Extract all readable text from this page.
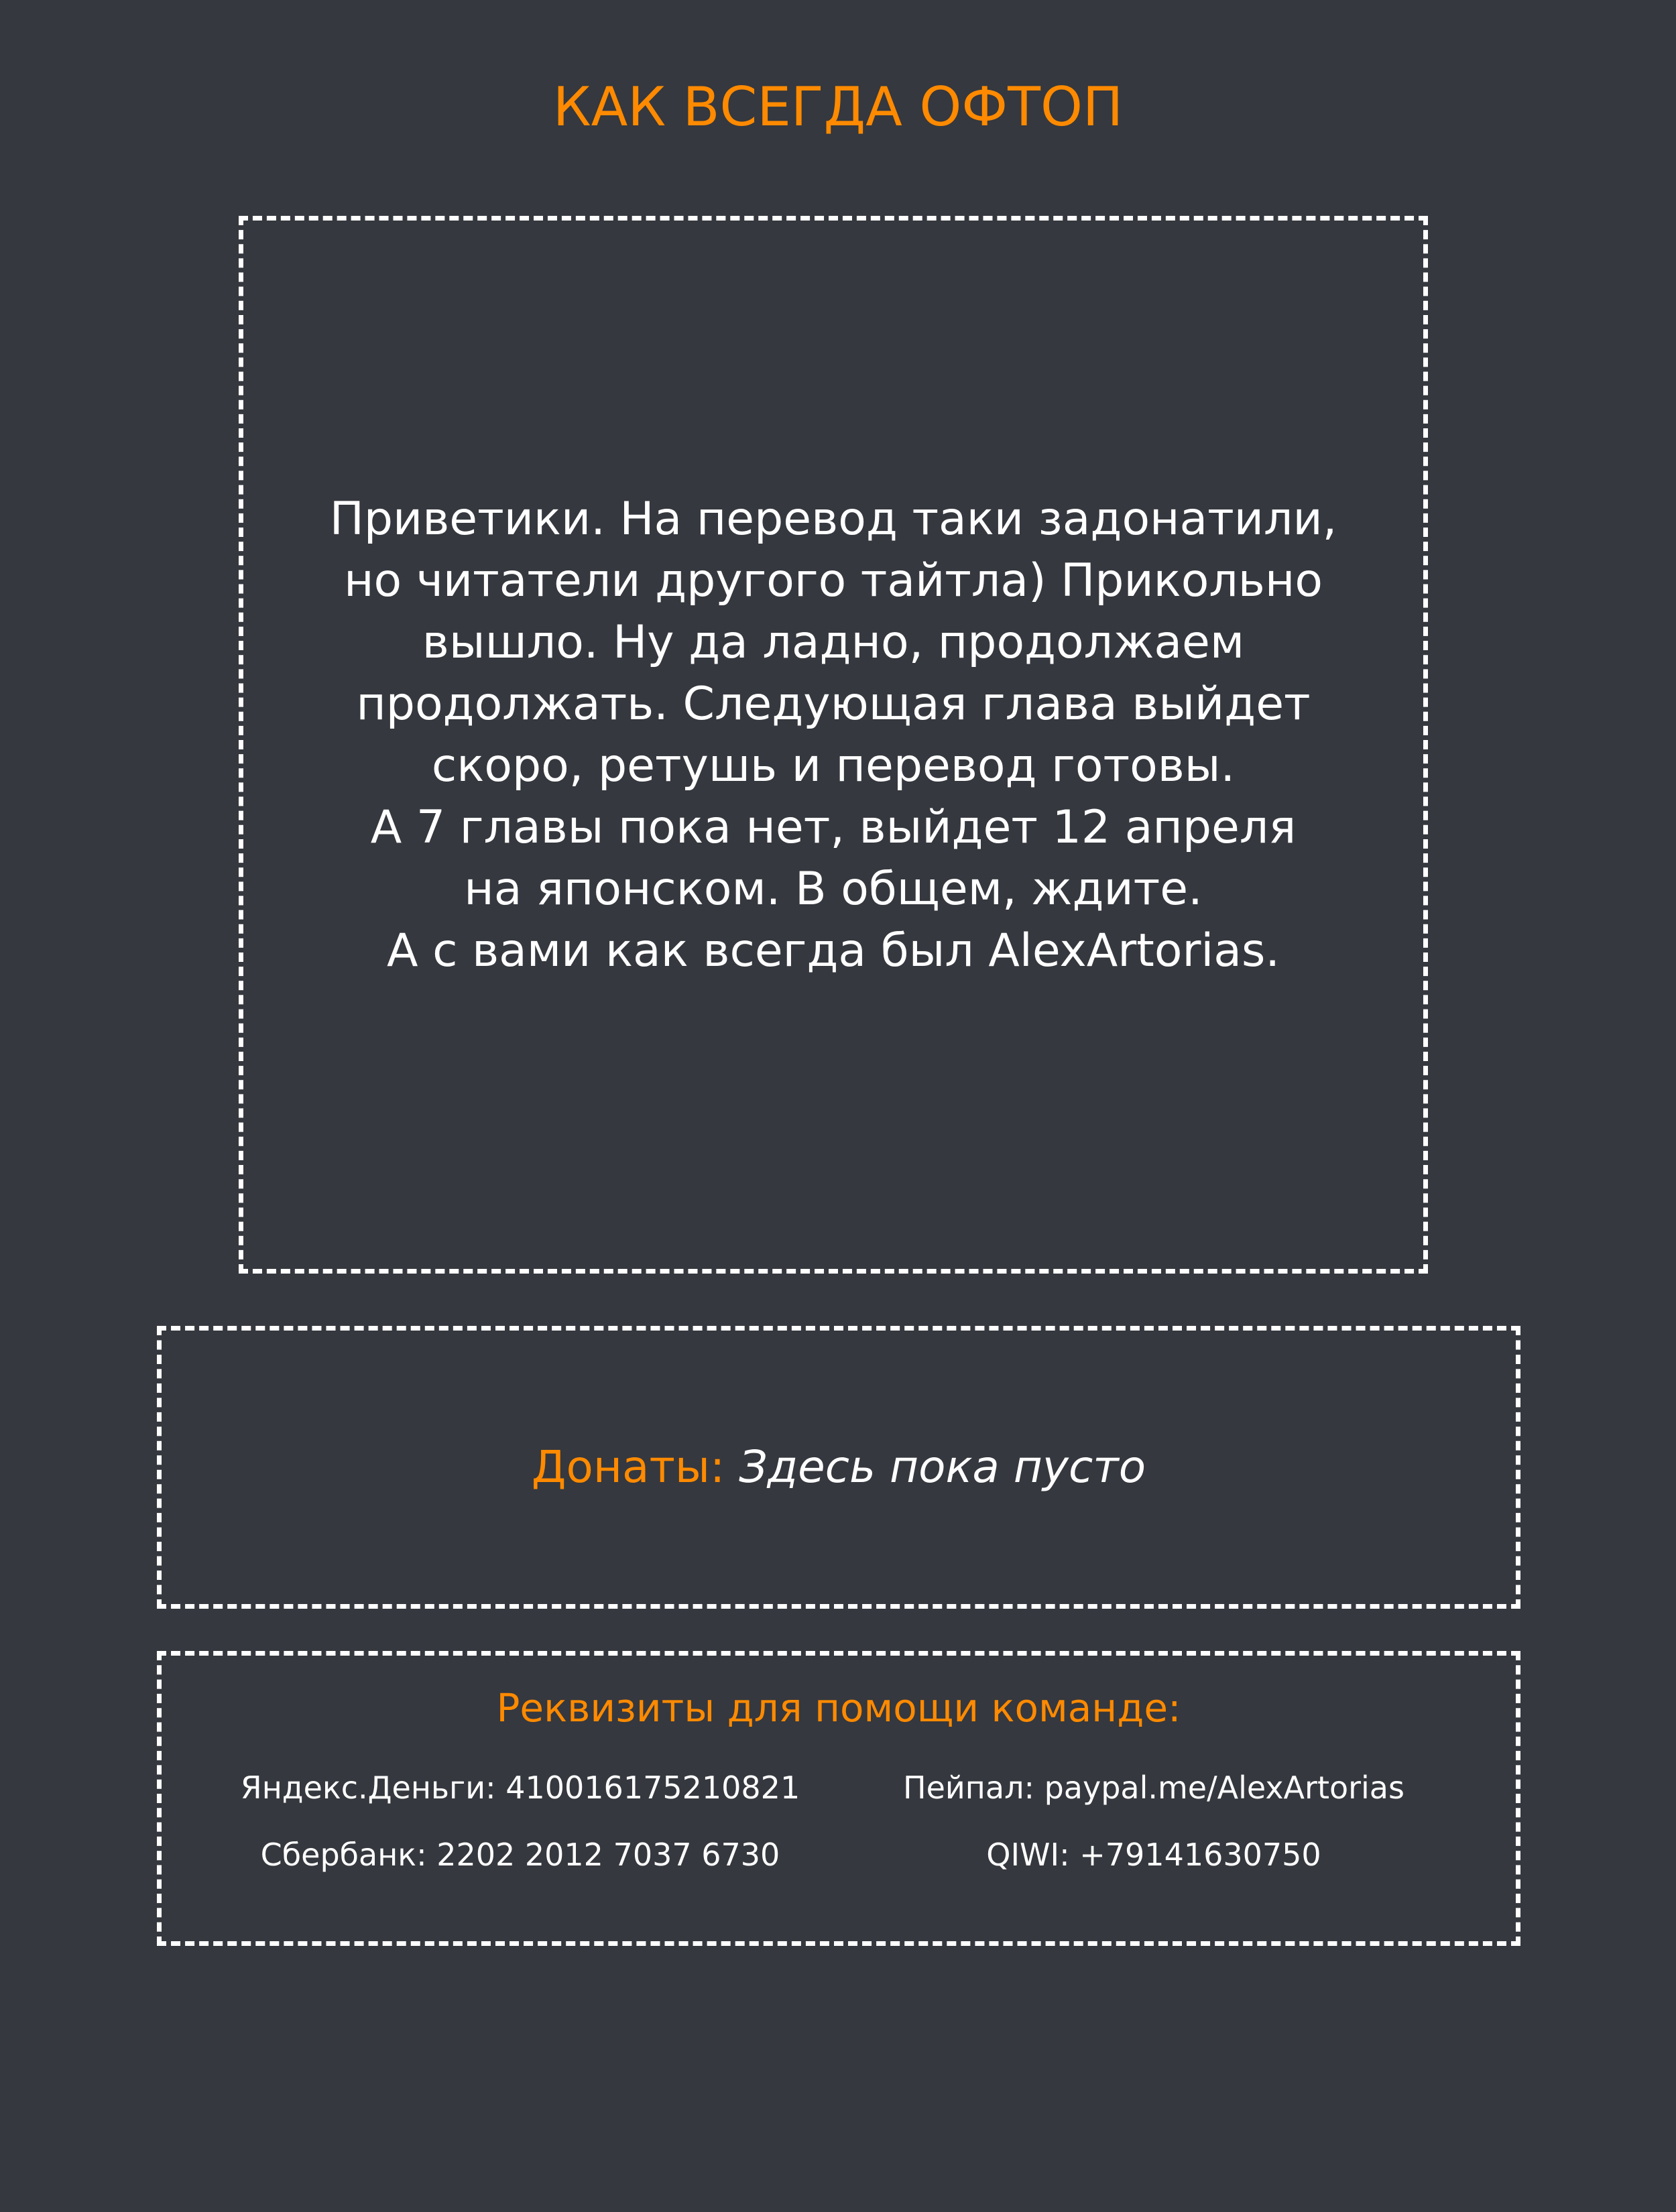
КАК ВСЕГДА ОФТОП
Приветики. На перевод таки задонатили,
но читатели другого тайтла) Прикольно
вышло. Ну да ладно, продолжаем
продолжать. Следующая глава выйдет
скоро, ретушь и перевод готовы.
А 7 главы пока нет, выйдет 12 апреля
на японском. В общем, ждите.
А с вами как всегда был AlexArtorias.
Донаты: Здесь пока пусто
Реквизиты для помощи команде:
Яндекс.Деньги: 410016175210821	Пейпал: paypal.me/AlexArtorias
Сбербанк: 2202 2012 7037 6730	QIWI: +79141630750
